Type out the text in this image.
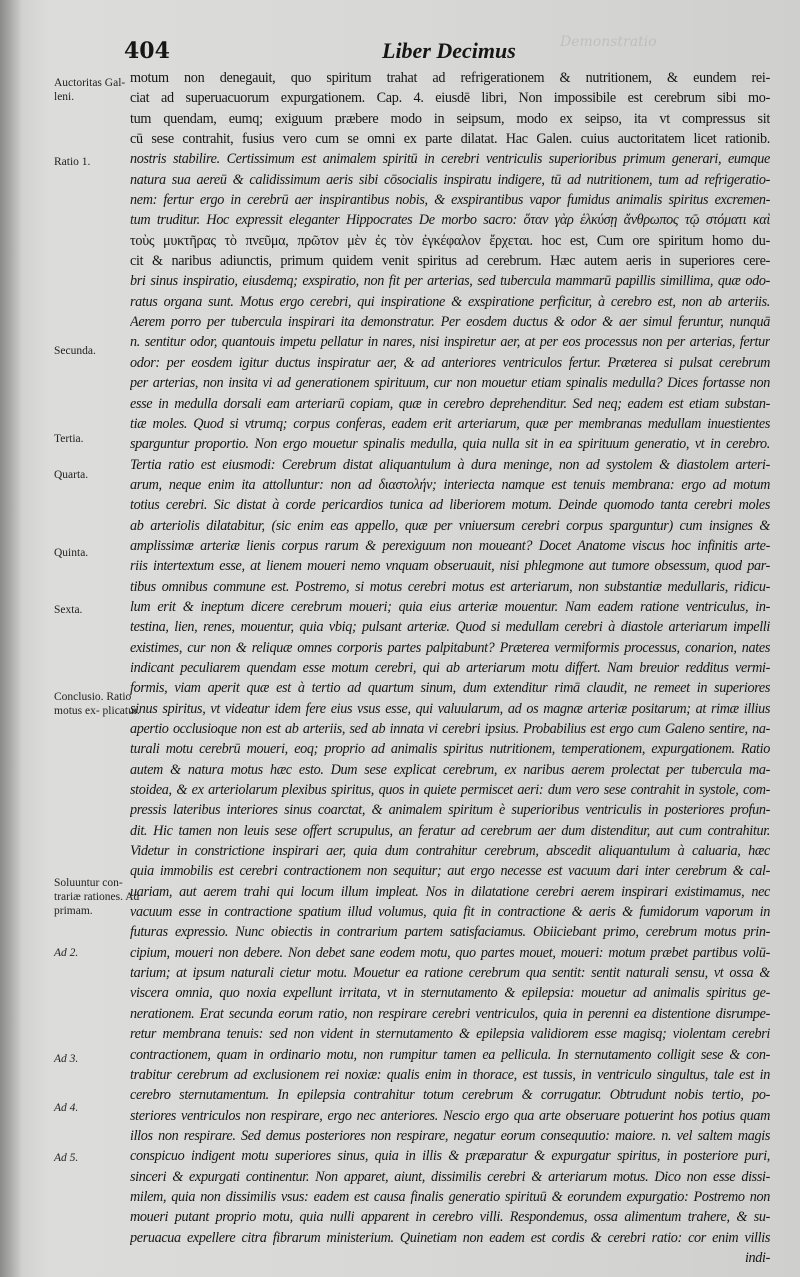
Demonstratio
404	Liber Decimus
Auctoritas Gal- leni.
Ratio 1.
Secunda.
Tertia.
Quarta.
Quinta.
Sexta.
Conclusio. Ratio motus ex- plicatur.
Soluuntur con- trariæ rationes. Ad primam.
Ad 2.
Ad 3.
Ad 4.
Ad 5.
motum non denegauit, quo spiritum trahat ad refrigerationem & nutritionem, & eundem rei-
ciat ad superuacuorum expurgationem. Cap. 4. eiusdē libri, Non impossibile est cerebrum sibi mo-
tum quendam, eumq; exiguum præbere modo in seipsum, modo ex seipso, ita vt compressus sit
cū sese contrahit, fusius vero cum se omni ex parte dilatat. Hac Galen. cuius auctoritatem licet rationib.
nostris stabilire. Certissimum est animalem spiritū in cerebri ventriculis superioribus primum generari, eumque
natura sua aereū & calidissimum aeris sibi cōsocialis inspiratu indigere, tū ad nutritionem, tum ad refrigeratio-
nem: fertur ergo in cerebrū aer inspirantibus nobis, & exspirantibus vapor fumidus animalis spiritus excremen-
tum truditur. Hoc expressit eleganter Hippocrates De morbo sacro: ὅταν γὰρ ἑλκύσῃ ἄνθρωπος τῷ στόματι καὶ
τοὺς μυκτῆρας τὸ πνεῦμα, πρῶτον μὲν ἐς τὸν ἐγκέφαλον ἔρχεται. hoc est, Cum ore spiritum homo du-
cit & naribus adiunctis, primum quidem venit spiritus ad cerebrum. Hæc autem aeris in superiores cere-
bri sinus inspiratio, eiusdemq; exspiratio, non fit per arterias, sed tubercula mammarū papillis simillima, quæ odo-
ratus organa sunt. Motus ergo cerebri, qui inspiratione & exspiratione perficitur, à cerebro est, non ab arteriis.
Aerem porro per tubercula inspirari ita demonstratur. Per eosdem ductus & odor & aer simul feruntur, nunquā
n. sentitur odor, quantouis impetu pellatur in nares, nisi inspiretur aer, at per eos processus non per arterias, fertur
odor: per eosdem igitur ductus inspiratur aer, & ad anteriores ventriculos fertur. Præterea si pulsat cerebrum
per arterias, non insita vi ad generationem spirituum, cur non mouetur etiam spinalis medulla? Dices fortasse non
esse in medulla dorsali eam arteriarū copiam, quæ in cerebro deprehenditur. Sed neq; eadem est etiam substan-
tiæ moles. Quod si vtrumq; corpus conferas, eadem erit arteriarum, quæ per membranas medullam inuestientes
sparguntur proportio. Non ergo mouetur spinalis medulla, quia nulla sit in ea spirituum generatio, vt in cerebro.
Tertia ratio est eiusmodi: Cerebrum distat aliquantulum à dura meninge, non ad systolem & diastolem arteri-
arum, neque enim ita attolluntur: non ad διαστολήν; interiecta namque est tenuis membrana: ergo ad motum
totius cerebri. Sic distat à corde pericardios tunica ad liberiorem motum. Deinde quomodo tanta cerebri moles
ab arteriolis dilatabitur, (sic enim eas appello, quæ per vniuersum cerebri corpus sparguntur) cum insignes &
amplissimæ arteriæ lienis corpus rarum & perexiguum non moueant? Docet Anatome viscus hoc infinitis arte-
riis intertextum esse, at lienem moueri nemo vnquam obseruauit, nisi phlegmone aut tumore obsessum, quod par-
tibus omnibus commune est. Postremo, si motus cerebri motus est arteriarum, non substantiæ medullaris, ridicu-
lum erit & ineptum dicere cerebrum moueri; quia eius arteriæ mouentur. Nam eadem ratione ventriculus, in-
testina, lien, renes, mouentur, quia vbiq; pulsant arteriæ. Quod si medullam cerebri à diastole arteriarum impelli
existimes, cur non & reliquæ omnes corporis partes palpitabunt? Præterea vermiformis processus, conarion, nates
indicant peculiarem quendam esse motum cerebri, qui ab arteriarum motu differt. Nam breuior redditus vermi-
formis, viam aperit quæ est à tertio ad quartum sinum, dum extenditur rimā claudit, ne remeet in superiores
sinus spiritus, vt videatur idem fere eius vsus esse, qui valuularum, ad os magnæ arteriæ positarum; at rimæ illius
apertio occlusioque non est ab arteriis, sed ab innata vi cerebri ipsius. Probabilius est ergo cum Galeno sentire, na-
turali motu cerebrū moueri, eoq; proprio ad animalis spiritus nutritionem, temperationem, expurgationem. Ratio
autem & natura motus hæc esto. Dum sese explicat cerebrum, ex naribus aerem prolectat per tubercula ma-
stoidea, & ex arteriolarum plexibus spiritus, quos in quiete permiscet aeri: dum vero sese contrahit in systole, com-
pressis lateribus interiores sinus coarctat, & animalem spiritum è superioribus ventriculis in posteriores profun-
dit. Hic tamen non leuis sese offert scrupulus, an feratur ad cerebrum aer dum distenditur, aut cum contrahitur.
Videtur in constrictione inspirari aer, quia dum contrahitur cerebrum, abscedit aliquantulum à caluaria, hæc
quia immobilis est cerebri contractionem non sequitur; aut ergo necesse est vacuum dari inter cerebrum & cal-
uariam, aut aerem trahi qui locum illum impleat. Nos in dilatatione cerebri aerem inspirari existimamus, nec
vacuum esse in contractione spatium illud volumus, quia fit in contractione & aeris & fumidorum vaporum in
futuras expressio. Nunc obiectis in contrarium partem satisfaciamus. Obiiciebant primo, cerebrum motus prin-
cipium, moueri non debere. Non debet sane eodem motu, quo partes mouet, moueri: motum præbet partibus volū-
tarium; at ipsum naturali cietur motu. Mouetur ea ratione cerebrum qua sentit: sentit naturali sensu, vt ossa &
viscera omnia, quo noxia expellunt irritata, vt in sternutamento & epilepsia: mouetur ad animalis spiritus ge-
nerationem. Erat secunda eorum ratio, non respirare cerebri ventriculos, quia in perenni ea distentione disrumpe-
retur membrana tenuis: sed non vident in sternutamento & epilepsia validiorem esse magisq; violentam cerebri
contractionem, quam in ordinario motu, non rumpitur tamen ea pellicula. In sternutamento colligit sese & con-
trabitur cerebrum ad exclusionem rei noxiæ: qualis enim in thorace, est tussis, in ventriculo singultus, tale est in
cerebro sternutamentum. In epilepsia contrahitur totum cerebrum & corrugatur. Obtrudunt nobis tertio, po-
steriores ventriculos non respirare, ergo nec anteriores. Nescio ergo qua arte obseruare potuerint hos potius quam
illos non respirare. Sed demus posteriores non respirare, negatur eorum consequutio: maiore. n. vel saltem magis
conspicuo indigent motu superiores sinus, quia in illis & præparatur & expurgatur spiritus, in posteriore puri,
sinceri & expurgati continentur. Non apparet, aiunt, dissimilis cerebri & arteriarum motus. Dico non esse dissi-
milem, quia non dissimilis vsus: eadem est causa finalis generatio spirituū & eorundem expurgatio: Postremo non
moueri putant proprio motu, quia nulli apparent in cerebro villi. Respondemus, ossa alimentum trahere, & su-
peruacua expellere citra fibrarum ministerium. Quinetiam non eadem est cordis & cerebri ratio: cor enim villis
indi-
